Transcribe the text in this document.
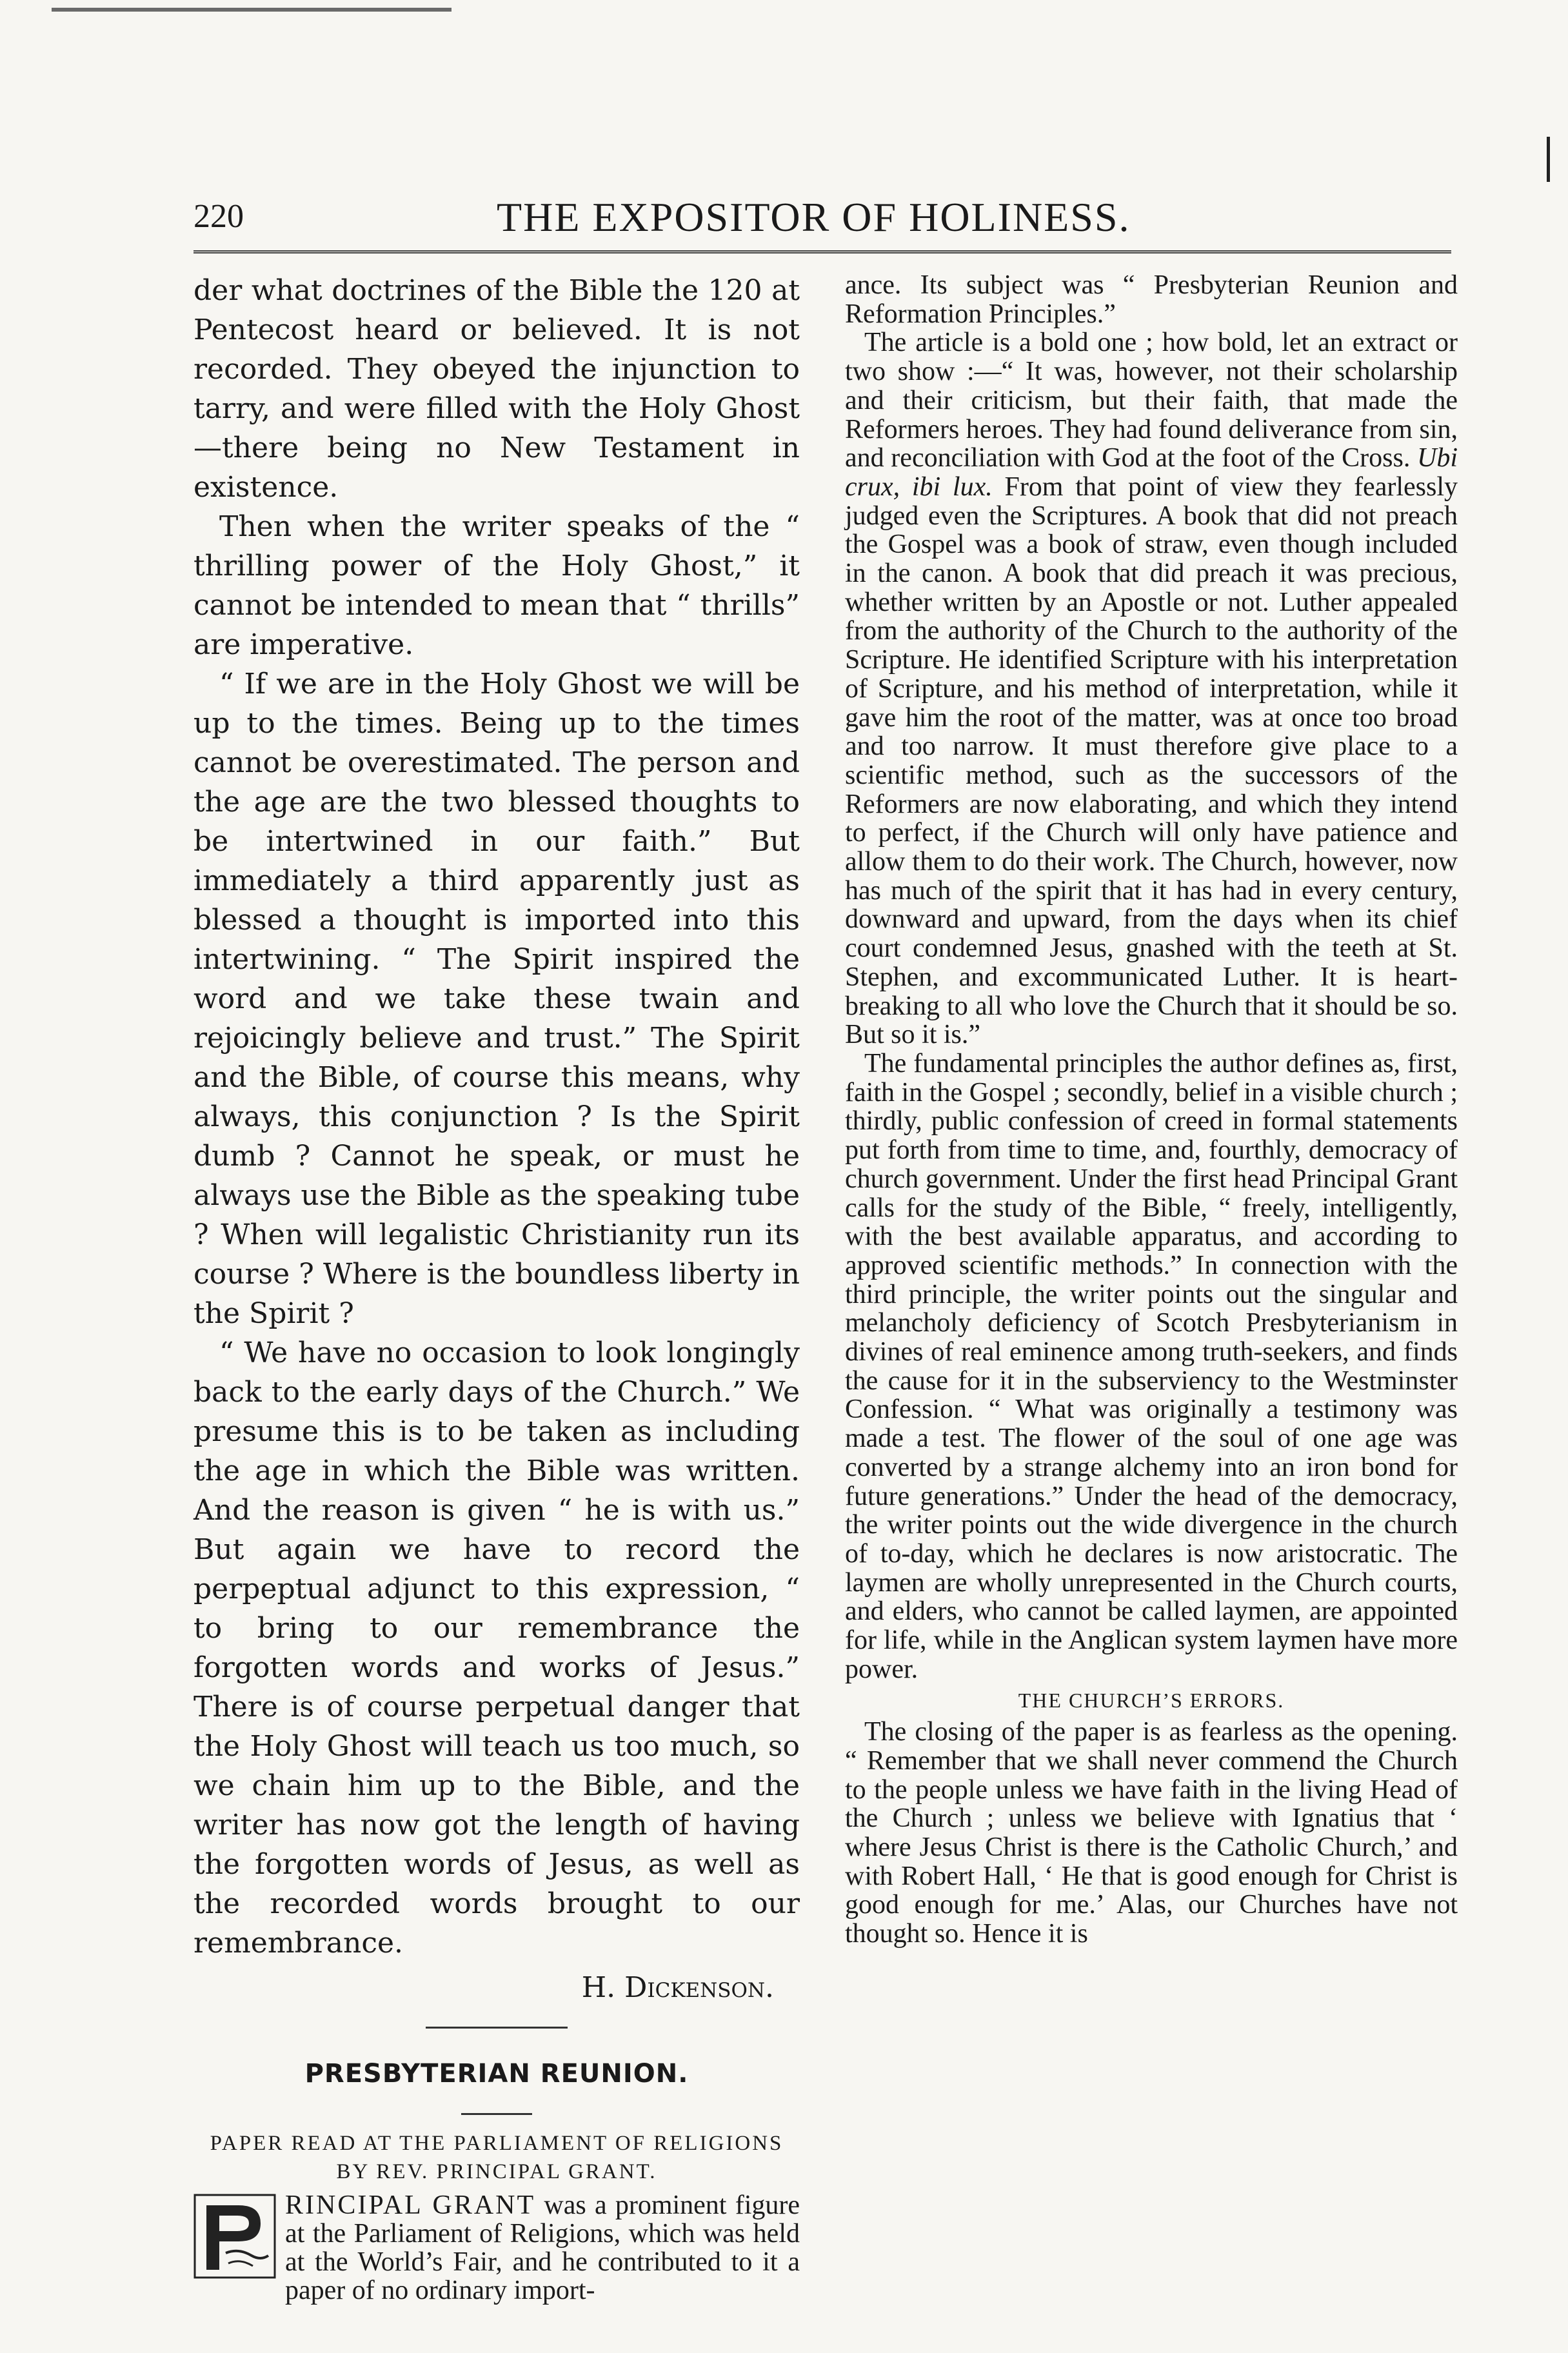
220	THE EXPOSITOR OF HOLINESS.

der what doctrines of the Bible the 120 at Pentecost heard or believed. It is not recorded. They obeyed the injunction to tarry, and were filled with the Holy Ghost —there being no New Testament in existence.

Then when the writer speaks of the “ thrilling power of the Holy Ghost,” it cannot be intended to mean that “ thrills” are imperative.

“ If we are in the Holy Ghost we will be up to the times. Being up to the times cannot be overestimated. The person and the age are the two blessed thoughts to be intertwined in our faith.” But immediately a third apparently just as blessed a thought is imported into this intertwining. “ The Spirit inspired the word and we take these twain and rejoicingly believe and trust.” The Spirit and the Bible, of course this means, why always, this conjunction ? Is the Spirit dumb ? Cannot he speak, or must he always use the Bible as the speaking tube ? When will legalistic Christianity run its course ? Where is the boundless liberty in the Spirit ?

“ We have no occasion to look longingly back to the early days of the Church.” We presume this is to be taken as including the age in which the Bible was written. And the reason is given “ he is with us.” But again we have to record the perpeptual adjunct to this expression, “ to bring to our remembrance the forgotten words and works of Jesus.” There is of course perpetual danger that the Holy Ghost will teach us too much, so we chain him up to the Bible, and the writer has now got the length of having the forgotten words of Jesus, as well as the recorded words brought to our remembrance.

H. Dickenson.
PRESBYTERIAN REUNION.
PAPER READ AT THE PARLIAMENT OF RELIGIONS BY REV. PRINCIPAL GRANT.

RINCIPAL GRANT was a prominent figure at the Parliament of Religions, which was held at the World’s Fair, and he contributed to it a paper of no ordinary import-

ance. Its subject was “ Presbyterian Reunion and Reformation Principles.”

The article is a bold one ; how bold, let an extract or two show :—“ It was, however, not their scholarship and their criticism, but their faith, that made the Reformers heroes. They had found deliverance from sin, and reconciliation with God at the foot of the Cross. Ubi crux, ibi lux. From that point of view they fearlessly judged even the Scriptures. A book that did not preach the Gospel was a book of straw, even though included in the canon. A book that did preach it was precious, whether written by an Apostle or not. Luther appealed from the authority of the Church to the authority of the Scripture. He identified Scripture with his interpretation of Scripture, and his method of interpretation, while it gave him the root of the matter, was at once too broad and too narrow. It must therefore give place to a scientific method, such as the successors of the Reformers are now elaborating, and which they intend to perfect, if the Church will only have patience and allow them to do their work. The Church, however, now has much of the spirit that it has had in every century, downward and upward, from the days when its chief court condemned Jesus, gnashed with the teeth at St. Stephen, and excommunicated Luther. It is heart-breaking to all who love the Church that it should be so. But so it is.”

The fundamental principles the author defines as, first, faith in the Gospel ; secondly, belief in a visible church ; thirdly, public confession of creed in formal statements put forth from time to time, and, fourthly, democracy of church government. Under the first head Principal Grant calls for the study of the Bible, “ freely, intelligently, with the best available apparatus, and according to approved scientific methods.” In connection with the third principle, the writer points out the singular and melancholy deficiency of Scotch Presbyterianism in divines of real eminence among truth-seekers, and finds the cause for it in the subserviency to the Westminster Confession. “ What was originally a testimony was made a test. The flower of the soul of one age was converted by a strange alchemy into an iron bond for future generations.” Under the head of the democracy, the writer points out the wide divergence in the church of to-day, which he declares is now aristocratic. The laymen are wholly unrepresented in the Church courts, and elders, who cannot be called laymen, are appointed for life, while in the Anglican system laymen have more power.

THE CHURCH’S ERRORS.

The closing of the paper is as fearless as the opening. “ Remember that we shall never commend the Church to the people unless we have faith in the living Head of the Church ; unless we believe with Ignatius that ‘ where Jesus Christ is there is the Catholic Church,’ and with Robert Hall, ‘ He that is good enough for Christ is good enough for me.’ Alas, our Churches have not thought so. Hence it is
